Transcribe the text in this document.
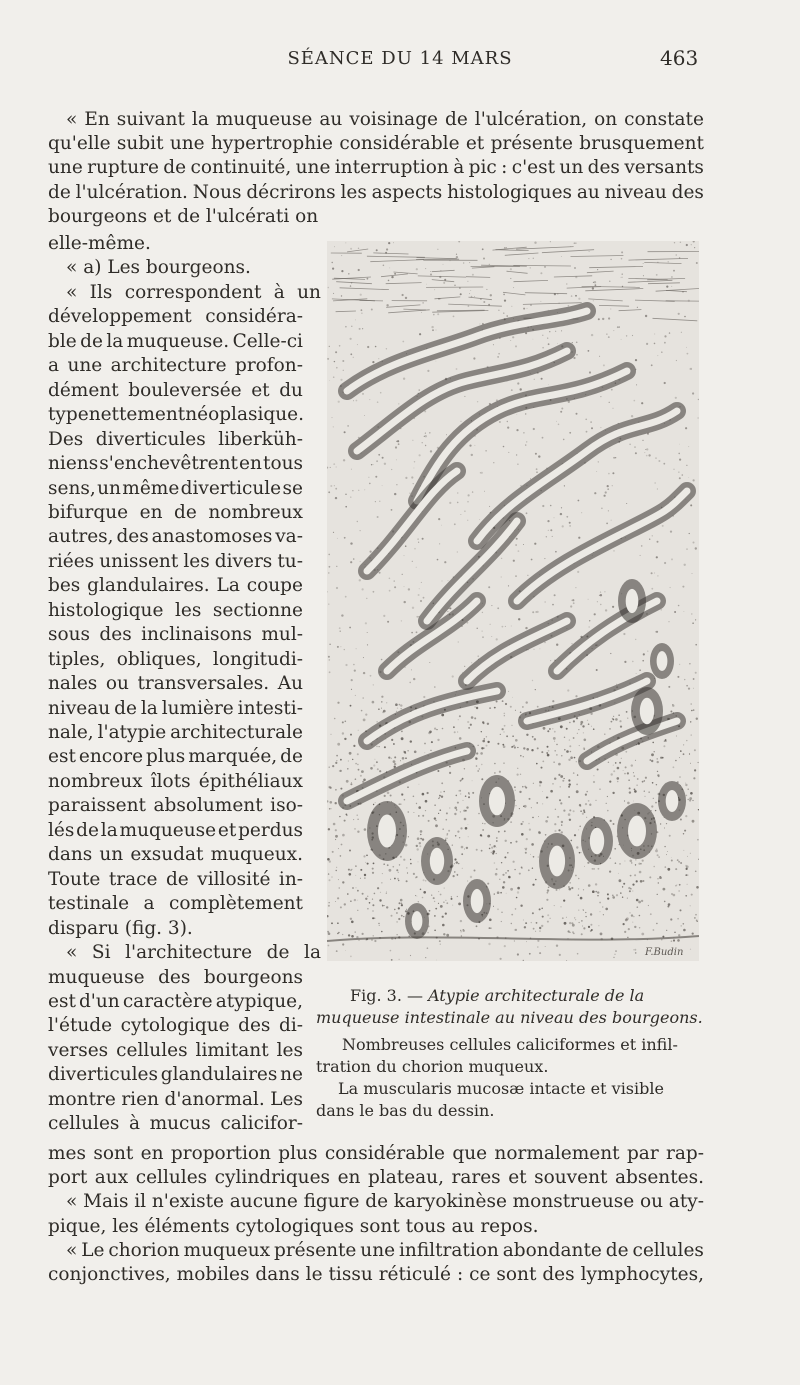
SÉANCE DU 14 MARS	463
« En suivant la muqueuse au voisinage de l'ulcération, on constate
qu'elle subit une hypertrophie considérable et présente brusquement
une rupture de continuité, une interruption à pic : c'est un des versants
de l'ulcération. Nous décrirons les aspects histologiques au niveau des
bourgeons et de l'ulcérati on
elle-même.
« a) Les bourgeons.
« Ils correspondent à un
développement considéra-
ble de la muqueuse. Celle-ci
a une architecture profon-
dément bouleversée et du
type nettement néoplasique.
Des diverticules liberküh-
niens s'enchevêtrent en tous
sens, un même diverticule se
bifurque en de nombreux
autres, des anastomoses va-
riées unissent les divers tu-
bes glandulaires. La coupe
histologique les sectionne
sous des inclinaisons mul-
tiples, obliques, longitudi-
nales ou transversales. Au
niveau de la lumière intesti-
nale, l'atypie architecturale
est encore plus marquée, de
nombreux îlots épithéliaux
paraissent absolument iso-
lés de la muqueuse et perdus
dans un exsudat muqueux.
Toute trace de villosité in-
testinale a complètement
disparu (fig. 3).
« Si l'architecture de la
muqueuse des bourgeons
est d'un caractère atypique,
l'étude cytologique des di-
verses cellules limitant les
diverticules glandulaires ne
montre rien d'anormal. Les
cellules à mucus calicifor-
mes sont en proportion plus considérable que normalement par rap-
port aux cellules cylindriques en plateau, rares et souvent absentes.
« Mais il n'existe aucune figure de karyokinèse monstrueuse ou aty-
pique, les éléments cytologiques sont tous au repos.
« Le chorion muqueux présente une infiltration abondante de cellules
conjonctives, mobiles dans le tissu réticulé : ce sont des lymphocytes,
F.Budin
Fig. 3. — Atypie architecturale de la
muqueuse intestinale au niveau des bourgeons.
Nombreuses cellules caliciformes et infil-
tration du chorion muqueux.
La muscularis mucosæ intacte et visible
dans le bas du dessin.
